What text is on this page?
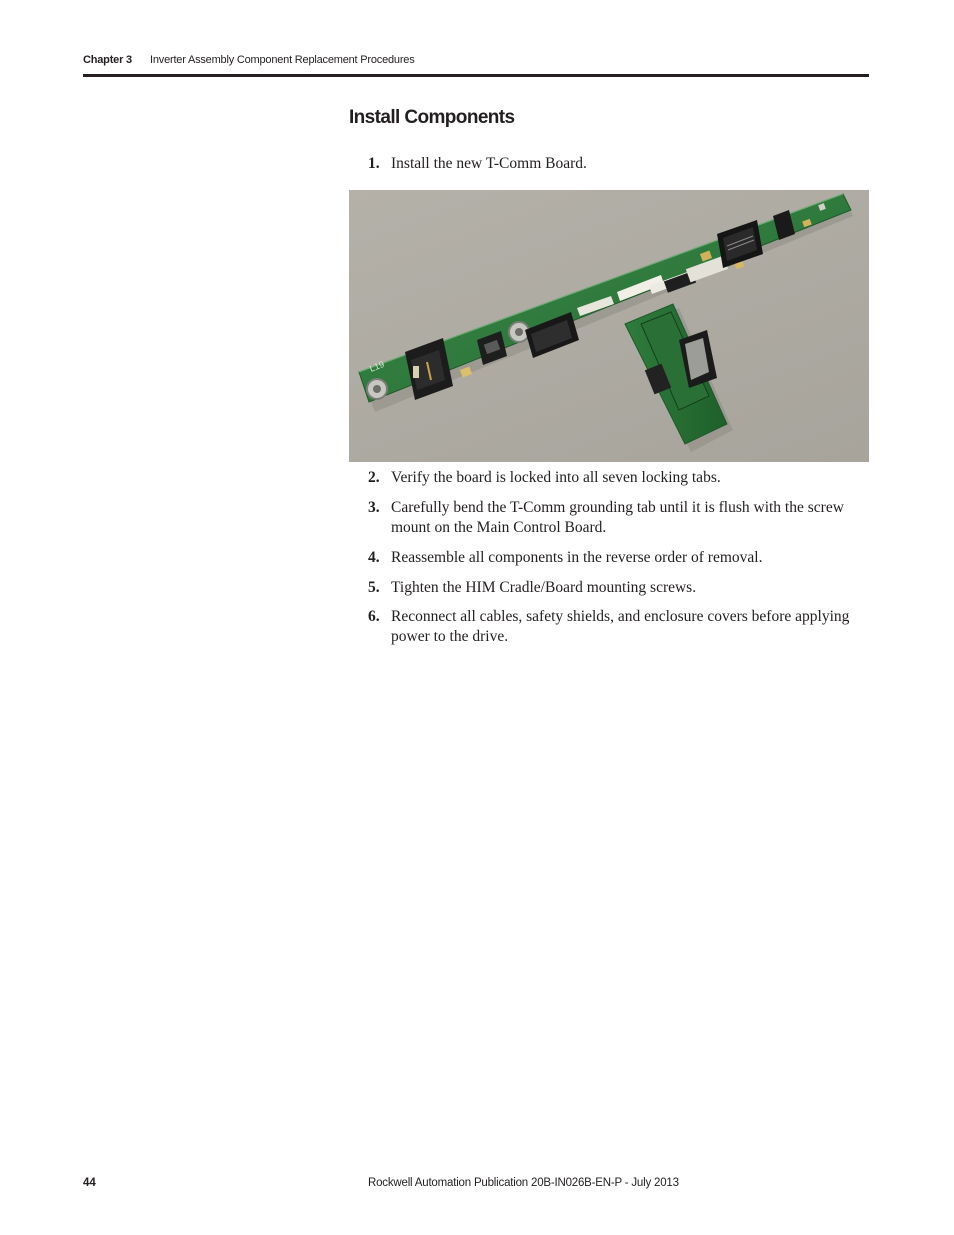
Chapter 3 Inverter Assembly Component Replacement Procedures
Install Components
1. Install the new T-Comm Board.
L19
2. Verify the board is locked into all seven locking tabs.
3. Carefully bend the T-Comm grounding tab until it is flush with the screw mount on the Main Control Board.
4. Reassemble all components in the reverse order of removal.
5. Tighten the HIM Cradle/Board mounting screws.
6. Reconnect all cables, safety shields, and enclosure covers before applying power to the drive.
44	Rockwell Automation Publication 20B-IN026B-EN-P - July 2013
